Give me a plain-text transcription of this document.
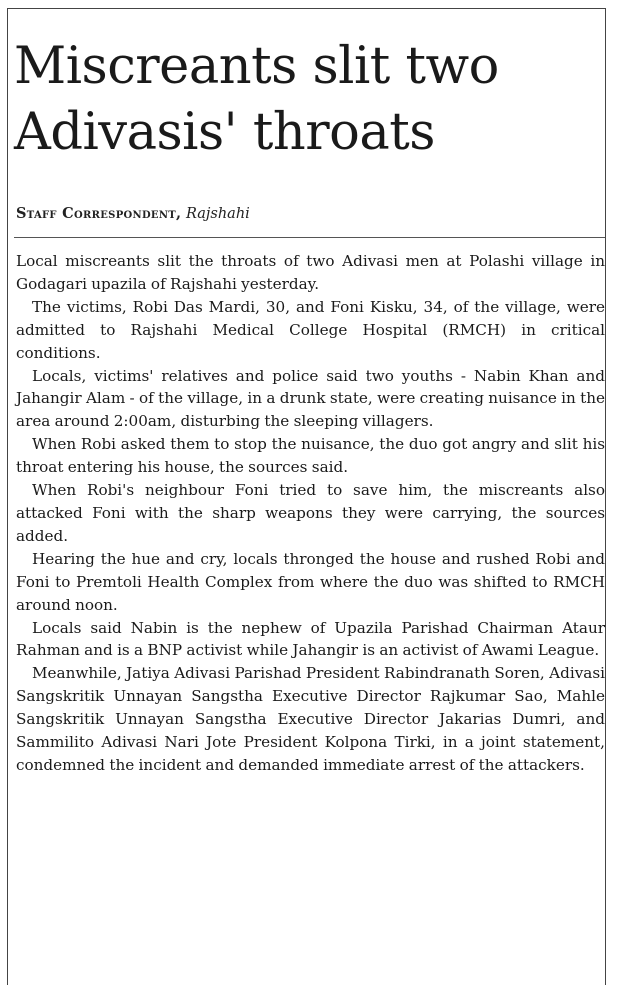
Miscreants slit two Adivasis' throats
Staff Correspondent, Rajshahi

Local miscreants slit the throats of two Adivasi men at Polashi village in Godagari upazila of Rajshahi yesterday.

The victims, Robi Das Mardi, 30, and Foni Kisku, 34, of the village, were admitted to Rajshahi Medical College Hospital (RMCH) in critical conditions.

Locals, victims' relatives and police said two youths - Nabin Khan and Jahangir Alam - of the village, in a drunk state, were creating nuisance in the area around 2:00am, disturbing the sleeping villagers.

When Robi asked them to stop the nuisance, the duo got angry and slit his throat entering his house, the sources said.

When Robi's neighbour Foni tried to save him, the miscreants also attacked Foni with the sharp weapons they were carrying, the sources added.

Hearing the hue and cry, locals thronged the house and rushed Robi and Foni to Premtoli Health Complex from where the duo was shifted to RMCH around noon.

Locals said Nabin is the nephew of Upazila Parishad Chairman Ataur Rahman and is a BNP activist while Jahangir is an activist of Awami League.

Meanwhile, Jatiya Adivasi Parishad President Rabindranath Soren, Adivasi Sangskritik Unnayan Sangstha Executive Director Rajkumar Sao, Mahle Sangskritik Unnayan Sangstha Executive Director Jakarias Dumri, and Sammilito Adivasi Nari Jote President Kolpona Tirki, in a joint statement, condemned the incident and demanded immediate arrest of the attackers.
